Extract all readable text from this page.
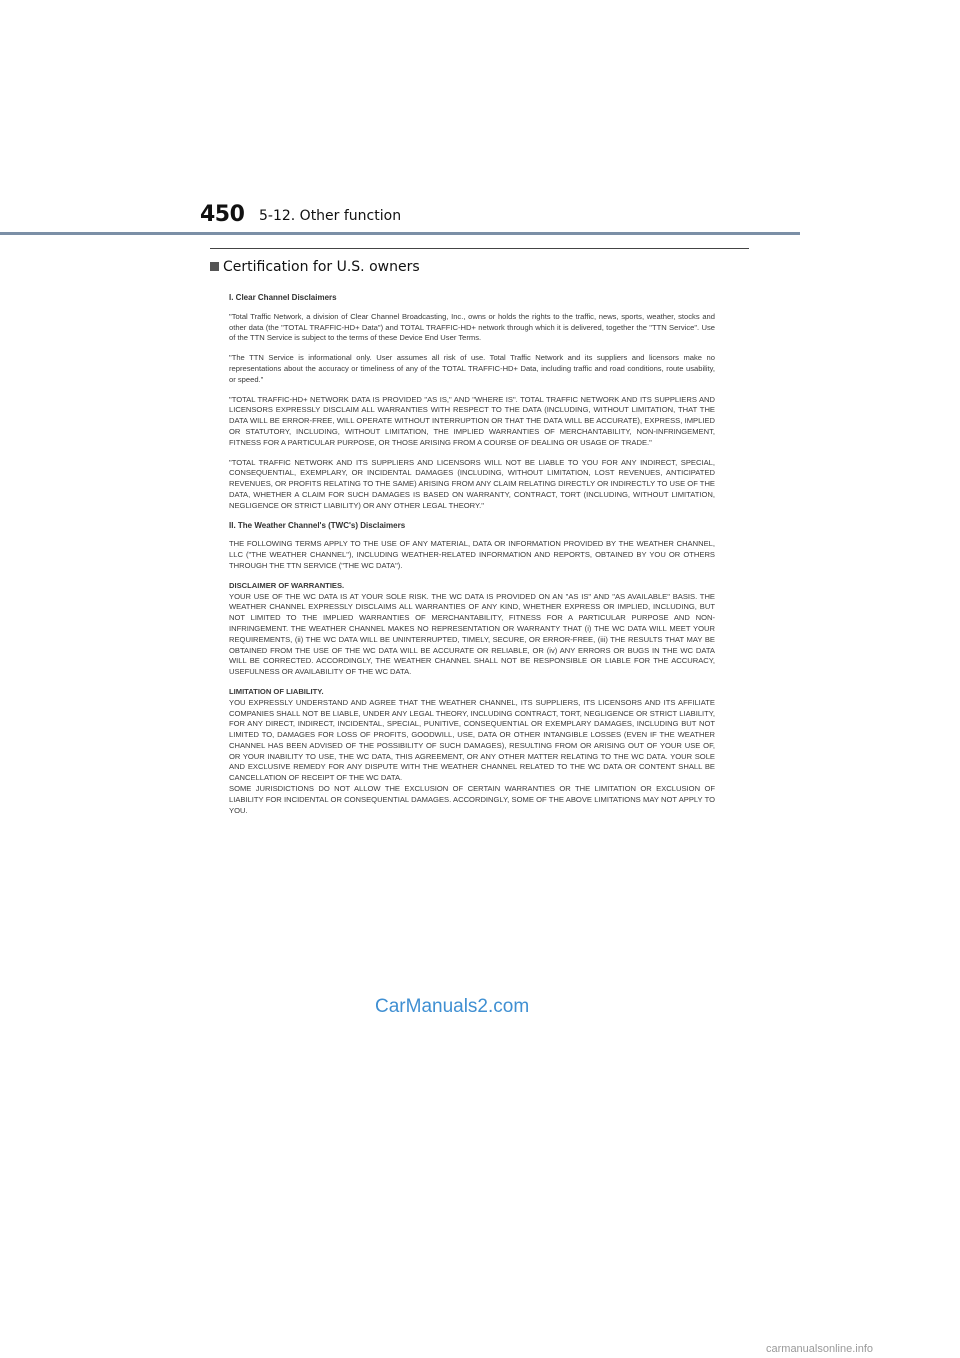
450 5-12. Other function
Certification for U.S. owners
I. Clear Channel Disclaimers

"Total Traffic Network, a division of Clear Channel Broadcasting, Inc., owns or holds the rights to the traffic, news, sports, weather, stocks and other data (the "TOTAL TRAFFIC-HD+ Data") and TOTAL TRAFFIC-HD+ network through which it is delivered, together the "TTN Service". Use of the TTN Service is subject to the terms of these Device End User Terms.

"The TTN Service is informational only. User assumes all risk of use. Total Traffic Network and its suppliers and licensors make no representations about the accuracy or timeliness of any of the TOTAL TRAFFIC-HD+ Data, including traffic and road conditions, route usability, or speed."

"TOTAL TRAFFIC-HD+ NETWORK DATA IS PROVIDED "AS IS," AND "WHERE IS". TOTAL TRAFFIC NETWORK AND ITS SUPPLIERS AND LICENSORS EXPRESSLY DISCLAIM ALL WARRANTIES WITH RESPECT TO THE DATA (INCLUDING, WITHOUT LIMITATION, THAT THE DATA WILL BE ERROR-FREE, WILL OPERATE WITHOUT INTERRUPTION OR THAT THE DATA WILL BE ACCURATE), EXPRESS, IMPLIED OR STATUTORY, INCLUDING, WITHOUT LIMITATION, THE IMPLIED WARRANTIES OF MERCHANTABILITY, NON-INFRINGEMENT, FITNESS FOR A PARTICULAR PURPOSE, OR THOSE ARISING FROM A COURSE OF DEALING OR USAGE OF TRADE."

"TOTAL TRAFFIC NETWORK AND ITS SUPPLIERS AND LICENSORS WILL NOT BE LIABLE TO YOU FOR ANY INDIRECT, SPECIAL, CONSEQUENTIAL, EXEMPLARY, OR INCIDENTAL DAMAGES (INCLUDING, WITHOUT LIMITATION, LOST REVENUES, ANTICIPATED REVENUES, OR PROFITS RELATING TO THE SAME) ARISING FROM ANY CLAIM RELATING DIRECTLY OR INDIRECTLY TO USE OF THE DATA, WHETHER A CLAIM FOR SUCH DAMAGES IS BASED ON WARRANTY, CONTRACT, TORT (INCLUDING, WITHOUT LIMITATION, NEGLIGENCE OR STRICT LIABILITY) OR ANY OTHER LEGAL THEORY."

II. The Weather Channel's (TWC's) Disclaimers

THE FOLLOWING TERMS APPLY TO THE USE OF ANY MATERIAL, DATA OR INFORMATION PROVIDED BY THE WEATHER CHANNEL, LLC ("THE WEATHER CHANNEL"), INCLUDING WEATHER-RELATED INFORMATION AND REPORTS, OBTAINED BY YOU OR OTHERS THROUGH THE TTN SERVICE ("THE WC DATA").

DISCLAIMER OF WARRANTIES.
YOUR USE OF THE WC DATA IS AT YOUR SOLE RISK. THE WC DATA IS PROVIDED ON AN "AS IS" AND "AS AVAILABLE" BASIS. THE WEATHER CHANNEL EXPRESSLY DISCLAIMS ALL WARRANTIES OF ANY KIND, WHETHER EXPRESS OR IMPLIED, INCLUDING, BUT NOT LIMITED TO THE IMPLIED WARRANTIES OF MERCHANTABILITY, FITNESS FOR A PARTICULAR PURPOSE AND NON-INFRINGEMENT. THE WEATHER CHANNEL MAKES NO REPRESENTATION OR WARRANTY THAT (i) THE WC DATA WILL MEET YOUR REQUIREMENTS, (ii) THE WC DATA WILL BE UNINTERRUPTED, TIMELY, SECURE, OR ERROR-FREE, (iii) THE RESULTS THAT MAY BE OBTAINED FROM THE USE OF THE WC DATA WILL BE ACCURATE OR RELIABLE, OR (iv) ANY ERRORS OR BUGS IN THE WC DATA WILL BE CORRECTED. ACCORDINGLY, THE WEATHER CHANNEL SHALL NOT BE RESPONSIBLE OR LIABLE FOR THE ACCURACY, USEFULNESS OR AVAILABILITY OF THE WC DATA.

LIMITATION OF LIABILITY.
YOU EXPRESSLY UNDERSTAND AND AGREE THAT THE WEATHER CHANNEL, ITS SUPPLIERS, ITS LICENSORS AND ITS AFFILIATE COMPANIES SHALL NOT BE LIABLE, UNDER ANY LEGAL THEORY, INCLUDING CONTRACT, TORT, NEGLIGENCE OR STRICT LIABILITY, FOR ANY DIRECT, INDIRECT, INCIDENTAL, SPECIAL, PUNITIVE, CONSEQUENTIAL OR EXEMPLARY DAMAGES, INCLUDING BUT NOT LIMITED TO, DAMAGES FOR LOSS OF PROFITS, GOODWILL, USE, DATA OR OTHER INTANGIBLE LOSSES (EVEN IF THE WEATHER CHANNEL HAS BEEN ADVISED OF THE POSSIBILITY OF SUCH DAMAGES), RESULTING FROM OR ARISING OUT OF YOUR USE OF, OR YOUR INABILITY TO USE, THE WC DATA, THIS AGREEMENT, OR ANY OTHER MATTER RELATING TO THE WC DATA. YOUR SOLE AND EXCLUSIVE REMEDY FOR ANY DISPUTE WITH THE WEATHER CHANNEL RELATED TO THE WC DATA OR CONTENT SHALL BE CANCELLATION OF RECEIPT OF THE WC DATA.
SOME JURISDICTIONS DO NOT ALLOW THE EXCLUSION OF CERTAIN WARRANTIES OR THE LIMITATION OR EXCLUSION OF LIABILITY FOR INCIDENTAL OR CONSEQUENTIAL DAMAGES. ACCORDINGLY, SOME OF THE ABOVE LIMITATIONS MAY NOT APPLY TO YOU.

CarManuals2.com
carmanualsonline.info
